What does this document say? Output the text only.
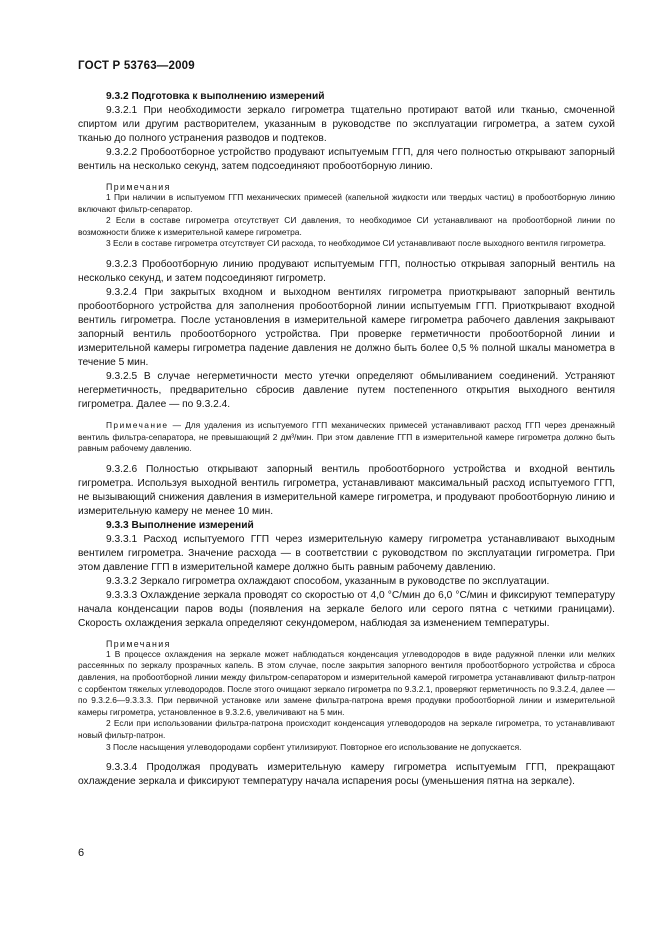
ГОСТ Р 53763—2009

9.3.2 Подготовка к выполнению измерений

9.3.2.1 При необходимости зеркало гигрометра тщательно протирают ватой или тканью, смоченной спиртом или другим растворителем, указанным в руководстве по эксплуатации гигрометра, а затем сухой тканью до полного устранения разводов и подтеков.

9.3.2.2 Пробоотборное устройство продувают испытуемым ГГП, для чего полностью открывают запорный вентиль на несколько секунд, затем подсоединяют пробоотборную линию.

Примечания

1 При наличии в испытуемом ГГП механических примесей (капельной жидкости или твердых частиц) в пробоотборную линию включают фильтр-сепаратор.

2 Если в составе гигрометра отсутствует СИ давления, то необходимое СИ устанавливают на пробоотборной линии по возможности ближе к измерительной камере гигрометра.

3 Если в составе гигрометра отсутствует СИ расхода, то необходимое СИ устанавливают после выходного вентиля гигрометра.

9.3.2.3 Пробоотборную линию продувают испытуемым ГГП, полностью открывая запорный вентиль на несколько секунд, и затем подсоединяют гигрометр.

9.3.2.4 При закрытых входном и выходном вентилях гигрометра приоткрывают запорный вентиль пробоотборного устройства для заполнения пробоотборной линии испытуемым ГГП. Приоткрывают входной вентиль гигрометра. После установления в измерительной камере гигрометра рабочего давления закрывают запорный вентиль пробоотборного устройства. При проверке герметичности пробоотборной линии и измерительной камеры гигрометра падение давления не должно быть более 0,5 % полной шкалы манометра в течение 5 мин.

9.3.2.5 В случае негерметичности место утечки определяют обмыливанием соединений. Устраняют негерметичность, предварительно сбросив давление путем постепенного открытия выходного вентиля гигрометра. Далее — по 9.3.2.4.

Примечание — Для удаления из испытуемого ГГП механических примесей устанавливают расход ГГП через дренажный вентиль фильтра-сепаратора, не превышающий 2 дм³/мин. При этом давление ГГП в измерительной камере гигрометра должно быть равным рабочему давлению.

9.3.2.6 Полностью открывают запорный вентиль пробоотборного устройства и входной вентиль гигрометра. Используя выходной вентиль гигрометра, устанавливают максимальный расход испытуемого ГГП, не вызывающий снижения давления в измерительной камере гигрометра, и продувают пробоотборную линию и измерительную камеру не менее 10 мин.

9.3.3 Выполнение измерений

9.3.3.1 Расход испытуемого ГГП через измерительную камеру гигрометра устанавливают выходным вентилем гигрометра. Значение расхода — в соответствии с руководством по эксплуатации гигрометра. При этом давление ГГП в измерительной камере должно быть равным рабочему давлению.

9.3.3.2 Зеркало гигрометра охлаждают способом, указанным в руководстве по эксплуатации.

9.3.3.3 Охлаждение зеркала проводят со скоростью от 4,0 °С/мин до 6,0 °С/мин и фиксируют температуру начала конденсации паров воды (появления на зеркале белого или серого пятна с четкими границами). Скорость охлаждения зеркала определяют секундомером, наблюдая за изменением температуры.

Примечания

1 В процессе охлаждения на зеркале может наблюдаться конденсация углеводородов в виде радужной пленки или мелких рассеянных по зеркалу прозрачных капель. В этом случае, после закрытия запорного вентиля пробоотборного устройства и сброса давления, на пробоотборной линии между фильтром-сепаратором и измерительной камерой гигрометра устанавливают фильтр-патрон с сорбентом тяжелых углеводородов. После этого очищают зеркало гигрометра по 9.3.2.1, проверяют герметичность по 9.3.2.4, далее — по 9.3.2.6—9.3.3.3. При первичной установке или замене фильтра-патрона время продувки пробоотборной линии и измерительной камеры гигрометра, установленное в 9.3.2.6, увеличивают на 5 мин.

2 Если при использовании фильтра-патрона происходит конденсация углеводородов на зеркале гигрометра, то устанавливают новый фильтр-патрон.

3 После насыщения углеводородами сорбент утилизируют. Повторное его использование не допускается.

9.3.3.4 Продолжая продувать измерительную камеру гигрометра испытуемым ГГП, прекращают охлаждение зеркала и фиксируют температуру начала испарения росы (уменьшения пятна на зеркале).

6
